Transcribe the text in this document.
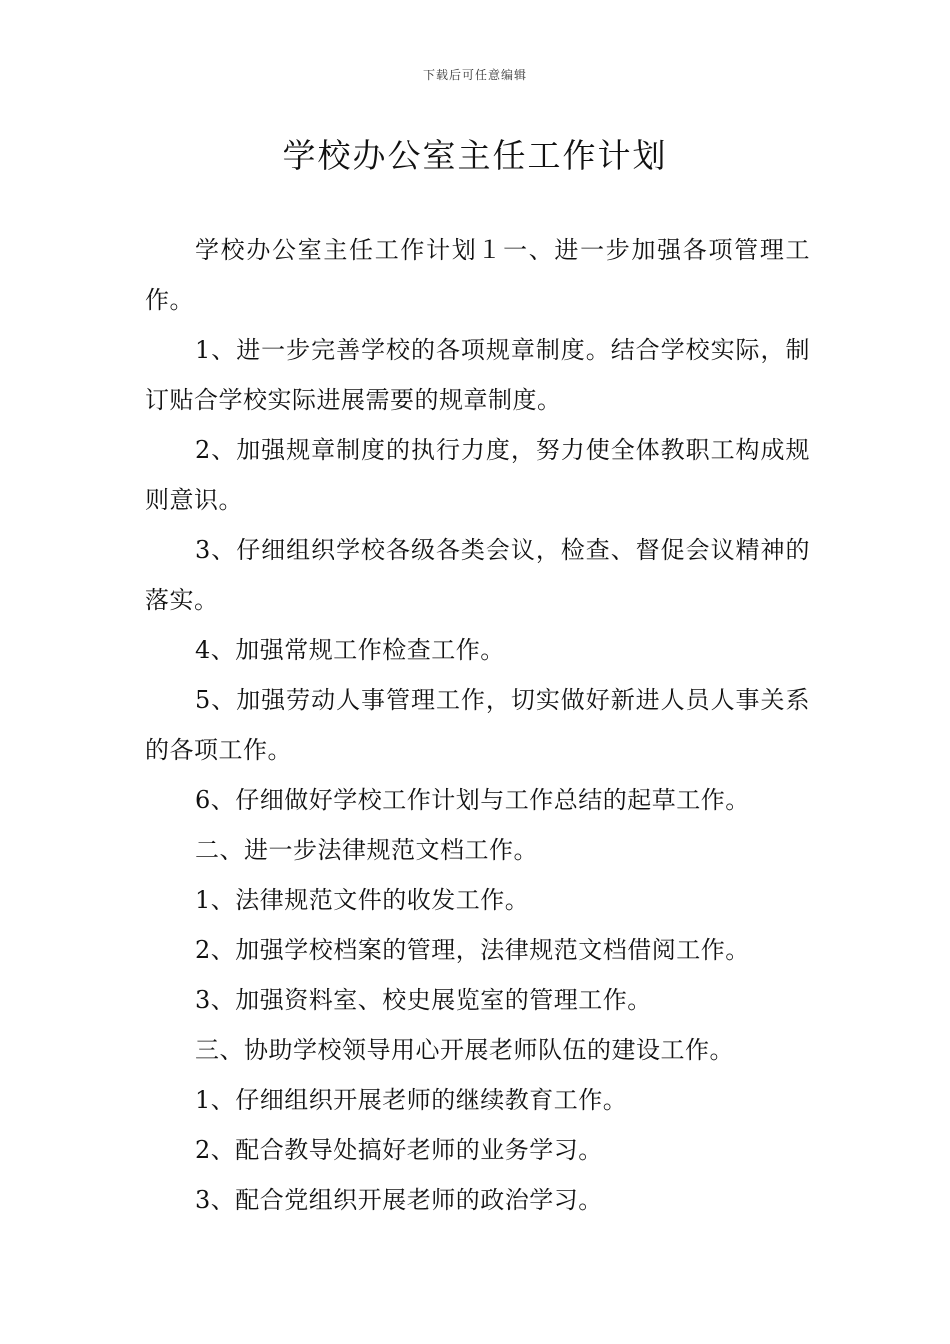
下载后可任意编辑
学校办公室主任工作计划

学校办公室主任工作计划１一、进一步加强各项管理工作。

1、进一步完善学校的各项规章制度。结合学校实际，制订贴合学校实际进展需要的规章制度。

2、加强规章制度的执行力度，努力使全体教职工构成规则意识。

3、仔细组织学校各级各类会议，检查、督促会议精神的落实。

4、加强常规工作检查工作。

5、加强劳动人事管理工作，切实做好新进人员人事关系的各项工作。

6、仔细做好学校工作计划与工作总结的起草工作。

二、进一步法律规范文档工作。

1、法律规范文件的收发工作。

2、加强学校档案的管理，法律规范文档借阅工作。

3、加强资料室、校史展览室的管理工作。

三、协助学校领导用心开展老师队伍的建设工作。

1、仔细组织开展老师的继续教育工作。

2、配合教导处搞好老师的业务学习。

3、配合党组织开展老师的政治学习。
